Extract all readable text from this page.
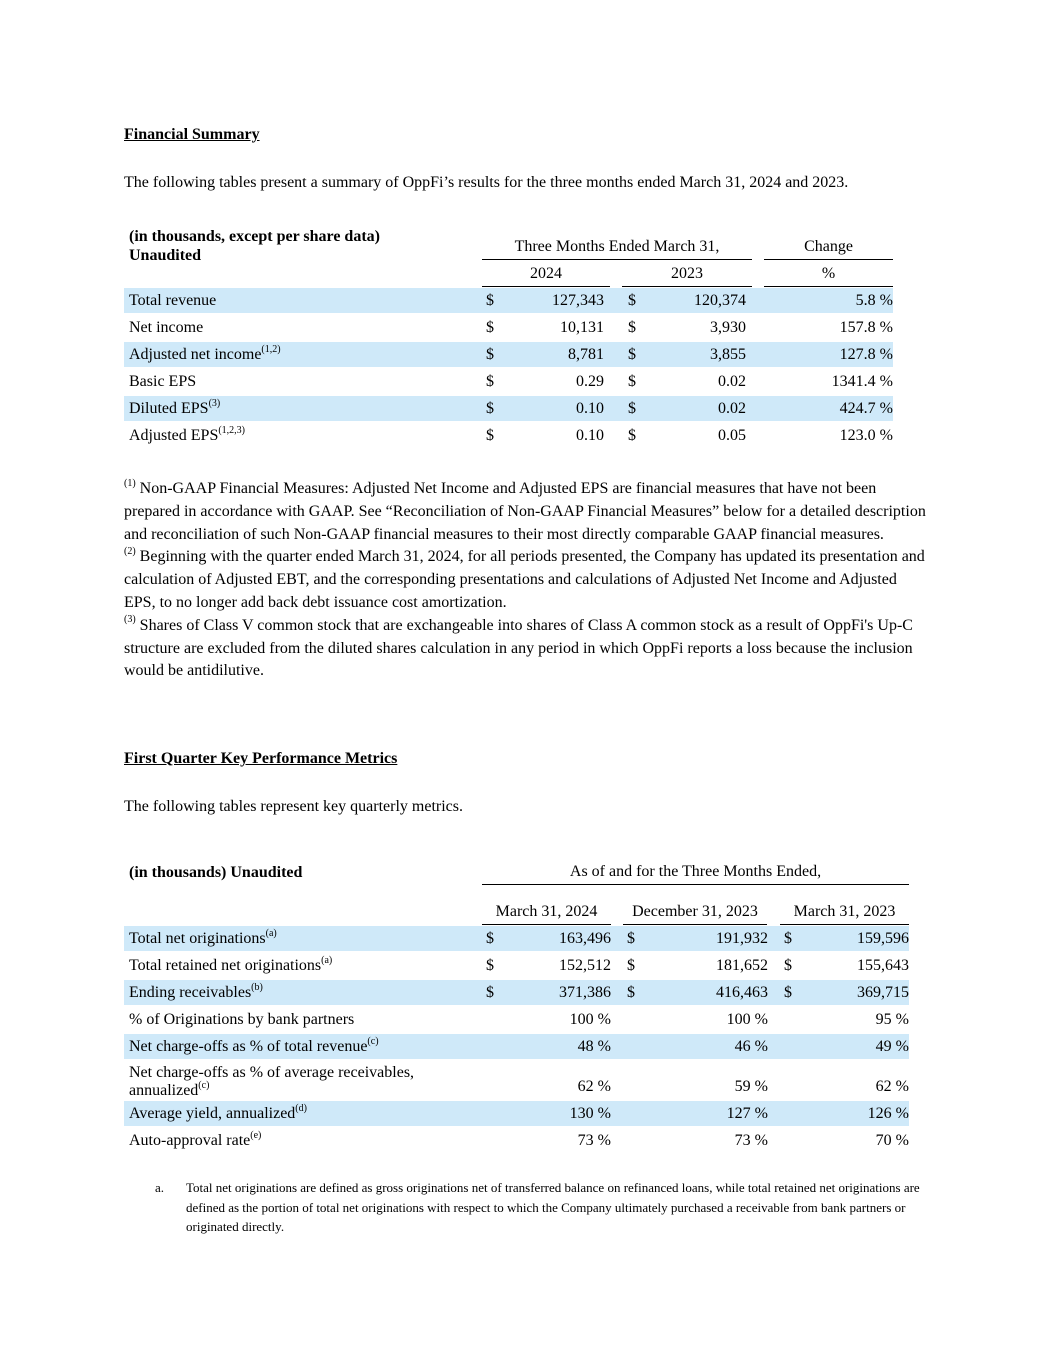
Financial Summary
The following tables present a summary of OppFi’s results for the three months ended March 31, 2024 and 2023.
(in thousands, except per share data)
Unaudited
Three Months Ended March 31,	Change
2024	2023	%
Total revenue	$	127,343 $	120,374	5.8 %
Net income	$	10,131 $	3,930	157.8 %
Adjusted net income$^{(1,2)}$	$	8,781 $	3,855	127.8 %
Basic EPS	$	0.29 $	0.02	1341.4 %
Diluted EPS$^{(3)}$	$	0.10 $	0.02	424.7 %
Adjusted EPS$^{(1,2,3)}$	$	0.10 $	0.05	123.0 %
$^{(1)}$ Non-GAAP Financial Measures: Adjusted Net Income and Adjusted EPS are financial measures that have not been prepared in accordance with GAAP. See “Reconciliation of Non-GAAP Financial Measures” below for a detailed description and reconciliation of such Non-GAAP financial measures to their most directly comparable GAAP financial measures.
$^{(2)}$ Beginning with the quarter ended March 31, 2024, for all periods presented, the Company has updated its presentation and calculation of Adjusted EBT, and the corresponding presentations and calculations of Adjusted Net Income and Adjusted EPS, to no longer add back debt issuance cost amortization.
$^{(3)}$ Shares of Class V common stock that are exchangeable into shares of Class A common stock as a result of OppFi's Up-C structure are excluded from the diluted shares calculation in any period in which OppFi reports a loss because the inclusion would be antidilutive.
First Quarter Key Performance Metrics
The following tables represent key quarterly metrics.
(in thousands) Unaudited	As of and for the Three Months Ended,
March 31, 2024	December 31, 2023	March 31, 2023
Total net originations$^{(a)}$	$	163,496 $	191,932 $	159,596
Total retained net originations$^{(a)}$	$	152,512 $	181,652 $	155,643
Ending receivables$^{(b)}$	$	371,386 $	416,463 $	369,715
% of Originations by bank partners	100 %	100 %	95 %
Net charge-offs as % of total revenue$^{(c)}$	48 %	46 %	49 %
Net charge-offs as % of average receivables,
annualized$^{(c)}$	62 %	59 %	62 %
Average yield, annualized$^{(d)}$	130 %	127 %	126 %
Auto-approval rate$^{(e)}$	73 %	73 %	70 %
a. Total net originations are defined as gross originations net of transferred balance on refinanced loans, while total retained net originations are defined as the portion of total net originations with respect to which the Company ultimately purchased a receivable from bank partners or originated directly.
